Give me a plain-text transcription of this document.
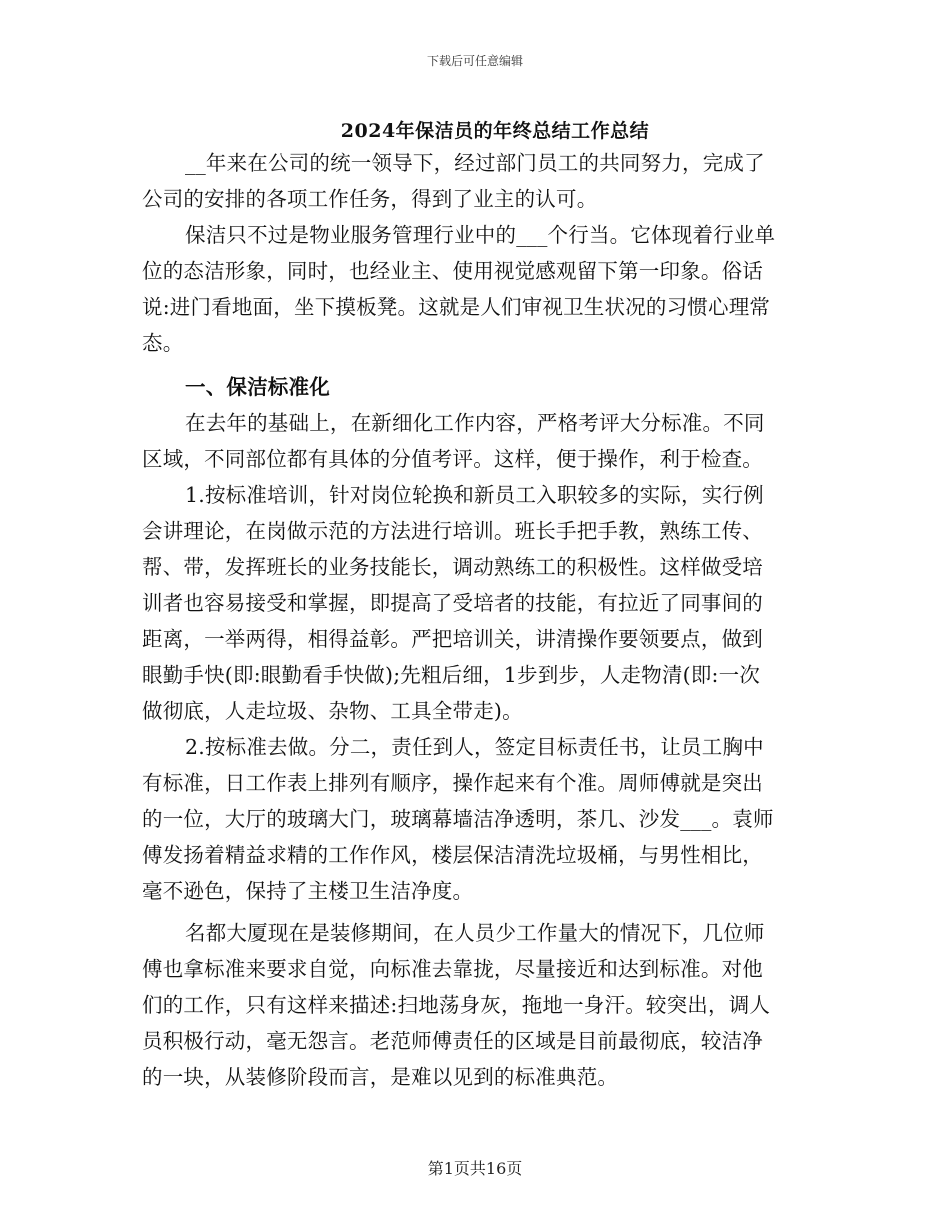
下载后可任意编辑
2024年保洁员的年终总结工作总结
__年来在公司的统一领导下，经过部门员工的共同努力，完成了
公司的安排的各项工作任务，得到了业主的认可。
保洁只不过是物业服务管理行业中的___个行当。它体现着行业单
位的态洁形象，同时，也经业主、使用视觉感观留下第一印象。俗话
说:进门看地面，坐下摸板凳。这就是人们审视卫生状况的习惯心理常
态。
一、保洁标准化
在去年的基础上，在新细化工作内容，严格考评大分标准。不同
区域，不同部位都有具体的分值考评。这样，便于操作，利于检查。
1.按标准培训，针对岗位轮换和新员工入职较多的实际，实行例
会讲理论，在岗做示范的方法进行培训。班长手把手教，熟练工传、
帮、带，发挥班长的业务技能长，调动熟练工的积极性。这样做受培
训者也容易接受和掌握，即提高了受培者的技能，有拉近了同事间的
距离，一举两得，相得益彰。严把培训关，讲清操作要领要点，做到
眼勤手快(即:眼勤看手快做);先粗后细，1步到步，人走物清(即:一次
做彻底，人走垃圾、杂物、工具全带走)。
2.按标准去做。分二，责任到人，签定目标责任书，让员工胸中
有标准，日工作表上排列有顺序，操作起来有个准。周师傅就是突出
的一位，大厅的玻璃大门，玻璃幕墙洁净透明，茶几、沙发___。袁师
傅发扬着精益求精的工作作风，楼层保洁清洗垃圾桶，与男性相比，
毫不逊色，保持了主楼卫生洁净度。
名都大厦现在是装修期间，在人员少工作量大的情况下，几位师
傅也拿标准来要求自觉，向标准去靠拢，尽量接近和达到标准。对他
们的工作，只有这样来描述:扫地荡身灰，拖地一身汗。较突出，调人
员积极行动，毫无怨言。老范师傅责任的区域是目前最彻底，较洁净
的一块，从装修阶段而言，是难以见到的标准典范。
第1页共16页
